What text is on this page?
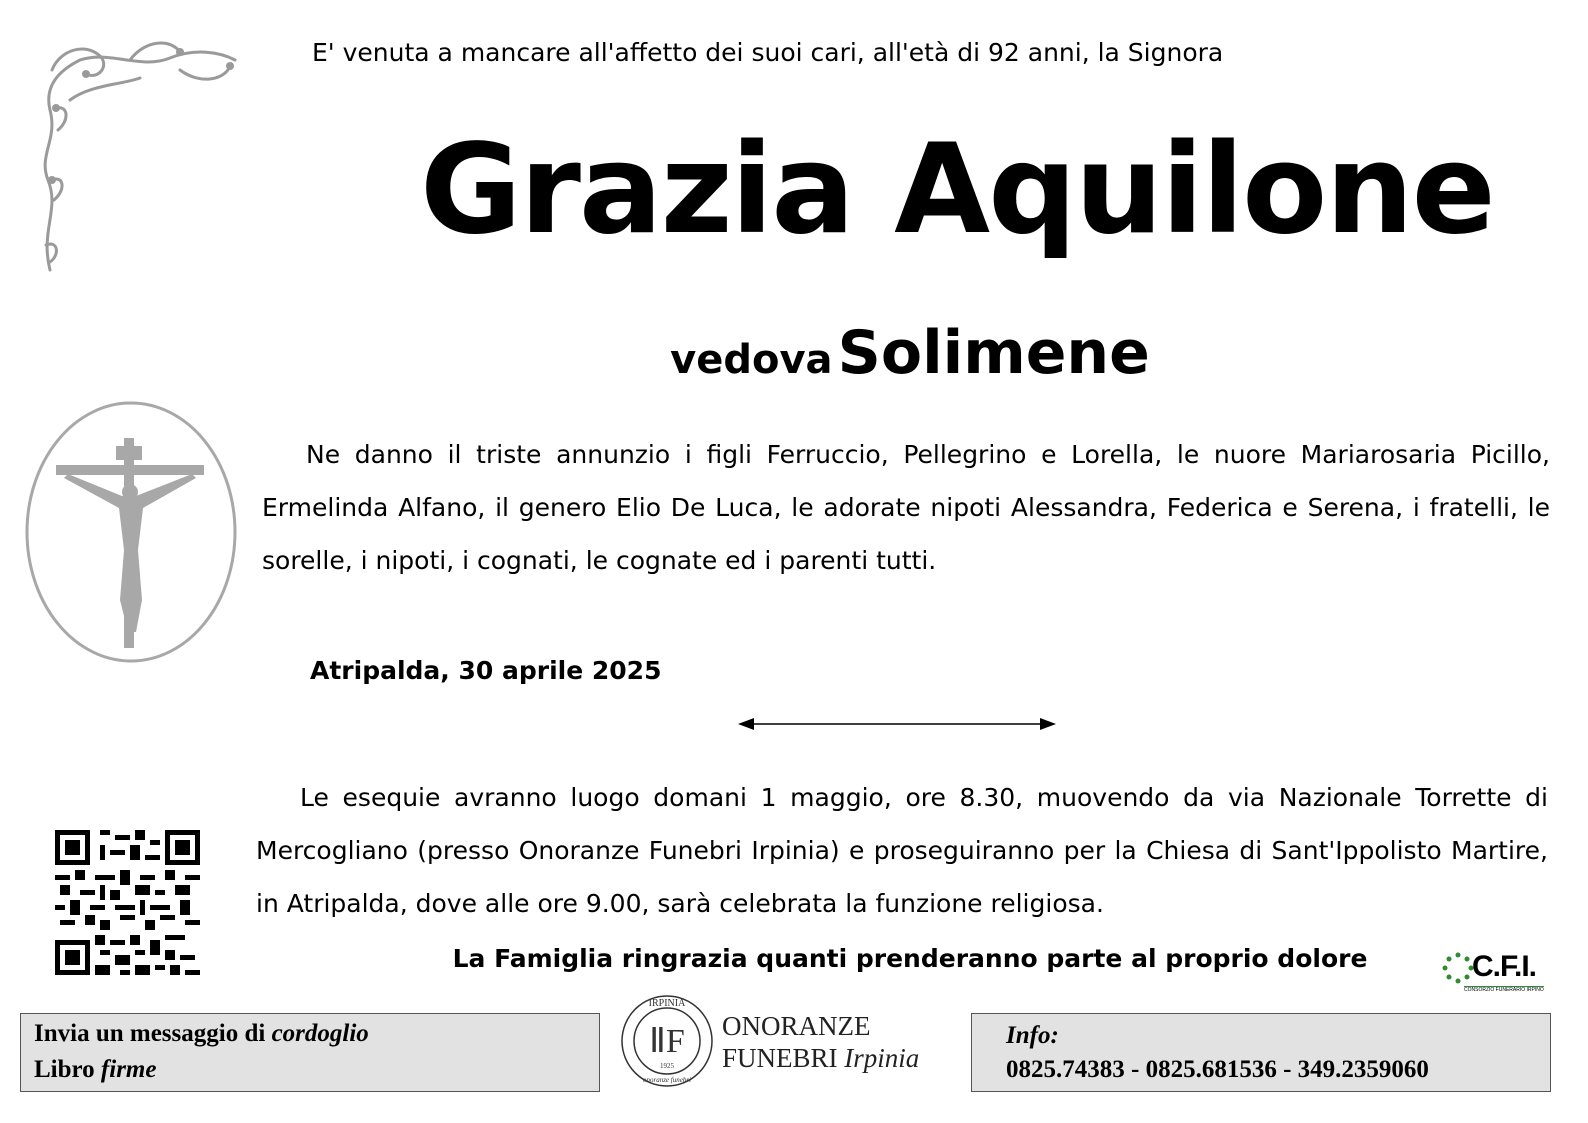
E' venuta a mancare all'affetto dei suoi cari, all'età di 92 anni, la Signora
Grazia Aquilone
vedova Solimene
Ne danno il triste annunzio i figli Ferruccio, Pellegrino e Lorella, le nuore Mariarosaria Picillo, Ermelinda Alfano, il genero Elio De Luca, le adorate nipoti Alessandra, Federica e Serena, i fratelli, le sorelle, i nipoti, i cognati, le cognate ed i parenti tutti.
Atripalda, 30 aprile 2025
Le esequie avranno luogo domani 1 maggio, ore 8.30, muovendo da via Nazionale Torrette di Mercogliano (presso Onoranze Funebri Irpinia) e proseguiranno per la Chiesa di Sant'Ippolisto Martire, in Atripalda, dove alle ore 9.00, sarà celebrata la funzione religiosa.
La Famiglia ringrazia quanti prenderanno parte al proprio dolore	C.F.I.
CONSORZIO FUNERARIO IRPINO
Invia un messaggio di cordoglio
Libro firme
IRPINIA
ⅡF
1925
onoranze funebri
ONORANZE
FUNEBRI Irpinia
Info:
0825.74383 - 0825.681536 - 349.2359060
